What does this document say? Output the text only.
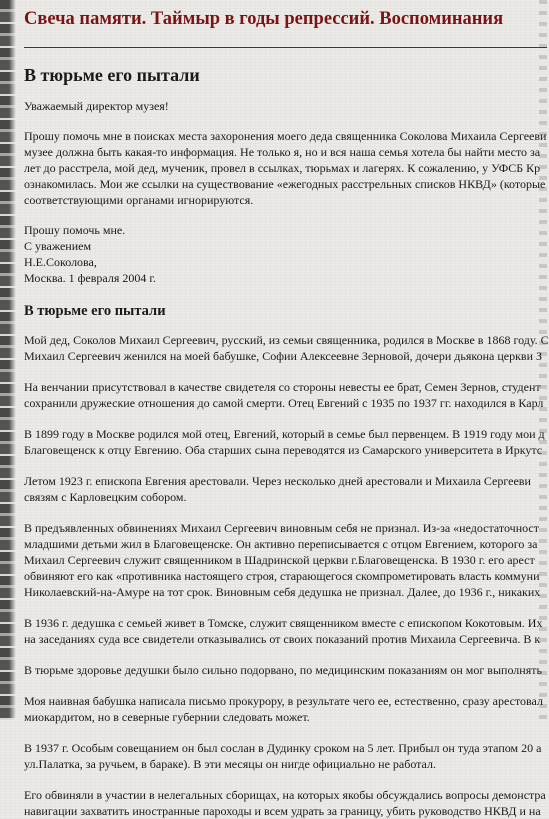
Свеча памяти. Таймыр в годы репрессий. Воспоминания
В тюрьме его пытали

Уважаемый директор музея!

Прошу помочь мне в поисках места захоронения моего деда священника Соколова Михаила Сергееви

музее должна быть какая-то информация. Не только я, но и вся наша семья хотела бы найти место за

лет до расстрела, мой дед, мученик, провел в ссылках, тюрьмах и лагерях. К сожалению, у УФСБ Кр

ознакомилась. Мои же ссылки на существование «ежегодных расстрельных списков НКВД» (которые

соответствующими органами игнорируются.

Прошу помочь мне.

С уважением

Н.Е.Соколова,

Москва. 1 февраля 2004 г.

В тюрьме его пытали

Мой дед, Соколов Михаил Сергеевич, русский, из семьи священника, родился в Москве в 1868 году. С

Михаил Сергеевич женился на моей бабушке, Софии Алексеевне Зерновой, дочери дьякона церкви З

На венчании присутствовал в качестве свидетеля со стороны невесты ее брат, Семен Зернов, студент

сохранили дружеские отношения до самой смерти. Отец Евгений с 1935 по 1937 гг. находился в Карл

В 1899 году в Москве родился мой отец, Евгений, который в семье был первенцем. В 1919 году мои д

Благовещенск к отцу Евгению. Оба старших сына переводятся из Самарского университета в Иркутс

Летом 1923 г. епископа Евгения арестовали. Через несколько дней арестовали и Михаила Сергееви

связям с Карловецким собором.

В предъявленных обвинениях Михаил Сергеевич виновным себя не признал. Из-за «недостаточност

младшими детьми жил в Благовещенске. Он активно переписывается с отцом Евгением, которого за

Михаил Сергеевич служит священником в Шадринской церкви г.Благовещенска. В 1930 г. его арест

обвиняют его как «противника настоящего строя, старающегося скомпрометировать власть коммуни

Николаевский-на-Амуре на тот срок. Виновным себя дедушка не признал. Далее, до 1936 г., никаких

В 1936 г. дедушка с семьей живет в Томске, служит священником вместе с епископом Кокотовым. Их

на заседаниях суда все свидетели отказывались от своих показаний против Михаила Сергеевича. В к

В тюрьме здоровье дедушки было сильно подорвано, по медицинским показаниям он мог выполнять

Моя наивная бабушка написала письмо прокурору, в результате чего ее, естественно, сразу арестовал

миокардитом, но в северные губернии следовать может.

В 1937 г. Особым совещанием он был сослан в Дудинку сроком на 5 лет. Прибыл он туда этапом 20 а

ул.Палатка, за ручьем, в бараке). В эти месяцы он нигде официально не работал.

Его обвиняли в участии в нелегальных сборищах, на которых якобы обсуждались вопросы демонстра

навигации захватить иностранные пароходы и всем удрать за границу, убить руководство НКВД и на
